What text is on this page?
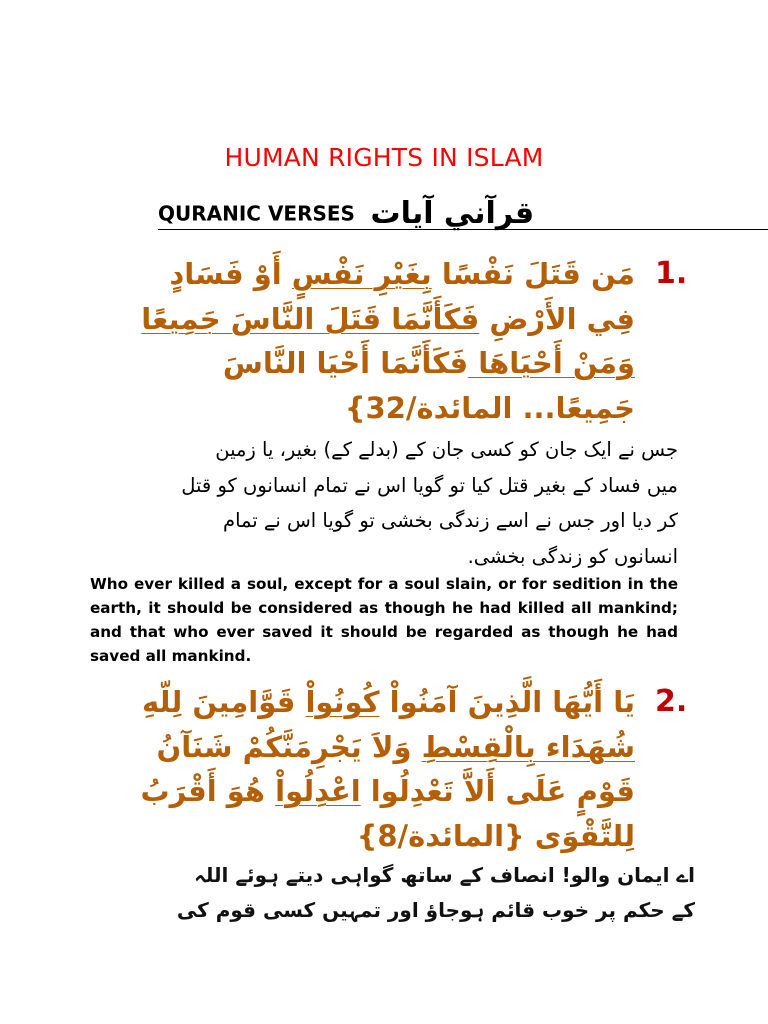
HUMAN RIGHTS IN ISLAM
QURANIC VERSES قرآني آيات
1.
مَن قَتَلَ نَفْسًا بِغَيْرِ نَفْسٍ أَوْ فَسَادٍ
فِي الأَرْضِ فَكَأَنَّمَا قَتَلَ النَّاسَ جَمِيعًا
وَمَنْ أَحْيَاهَا فَكَأَنَّمَا أَحْيَا النَّاسَ
جَمِيعًا... المائدة/32}
جس نے ایک جان کو کسی جان کے (بدلے کے) بغیر، یا زمین
میں فساد کے بغیر قتل کیا تو گویا اس نے تمام انسانوں کو قتل
کر دیا اور جس نے اسے زندگی بخشی تو گویا اس نے تمام
انسانوں کو زندگی بخشی.
Who ever killed a soul, except for a soul slain, or for sedition in the earth, it should be considered as though he had killed all mankind; and that who ever saved it should be regarded as though he had saved all mankind.
2.
يَا أَيُّهَا الَّذِينَ آمَنُواْ كُونُواْ قَوَّامِينَ لِلّهِ
شُهَدَاء بِالْقِسْطِ وَلاَ يَجْرِمَنَّكُمْ شَنَآنُ
قَوْمٍ عَلَى أَلاَّ تَعْدِلُوا اعْدِلُواْ هُوَ أَقْرَبُ
لِلتَّقْوَى {المائدة/8}
اے ایمان والو! انصاف کے ساتھ گواہی دیتے ہوئے اللہ
کے حکم پر خوب قائم ہوجاؤ اور تمہیں کسی قوم کی
